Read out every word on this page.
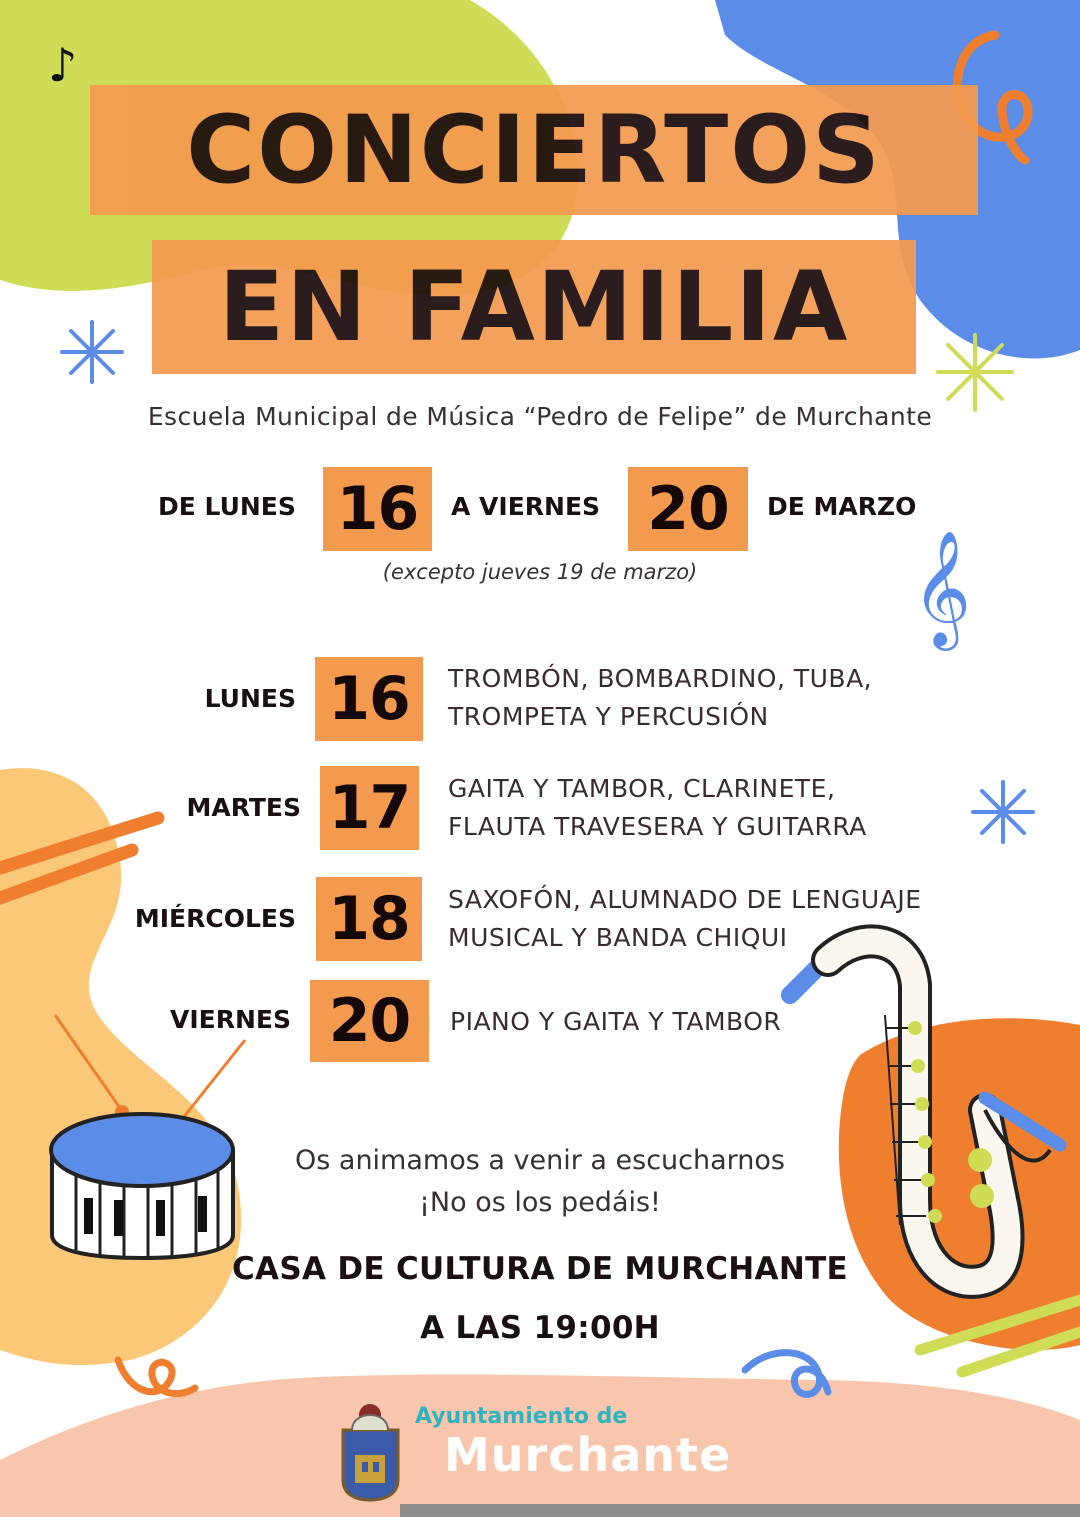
♪
𝄞
CONCIERTOS
EN FAMILIA
Escuela Municipal de Música “Pedro de Felipe” de Murchante
DE LUNES 16	A VIERNES 20	DE MARZO
(excepto jueves 19 de marzo)
LUNES 16	TROMBÓN, BOMBARDINO, TUBA,
TROMPETA Y PERCUSIÓN
MARTES 17	GAITA Y TAMBOR, CLARINETE,
FLAUTA TRAVESERA Y GUITARRA
MIÉRCOLES 18	SAXOFÓN, ALUMNADO DE LENGUAJE
MUSICAL Y BANDA CHIQUI
VIERNES 20	PIANO Y GAITA Y TAMBOR
Os animamos a venir a escucharnos
¡No os los pedáis!
CASA DE CULTURA DE MURCHANTE
A LAS 19:00H
Ayuntamiento de
Murchante
